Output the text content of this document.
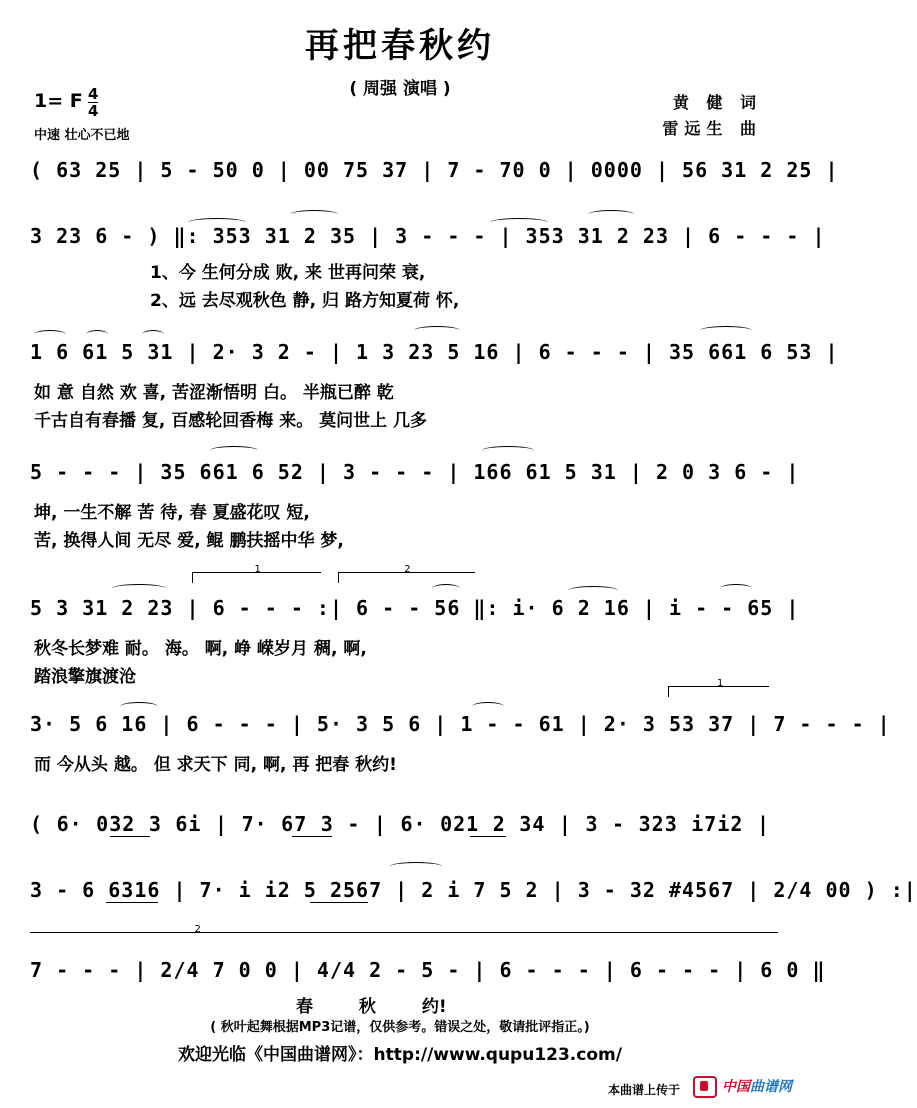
再把春秋约
( 周强 演唱 )
1= F 4
4
中速 壮心不已地
黄 健 词
雷远生 曲
( 63 25 | 5 - 50 0 | 00 75 37 | 7 - 70 0 | 0000 | 56 31 2 25 |
3 23 6 - ) ‖: 353 31 2 35 | 3 - - - | 353 31 2 23 | 6 - - - |
1、今 生何分成 败, 来 世再问荣 衰,
2、远 去尽观秋色 静, 归 路方知夏荷 怀,
1 6 61 5 31 | 2· 3 2 - | 1 3 23 5 16 | 6 - - - | 35 661 6 53 |
如 意 自然 欢 喜, 苦涩渐悟明 白。 半瓶已醉 乾
千古自有春播 复, 百感轮回香梅 来。 莫问世上 几多
5 - - - | 35 661 6 52 | 3 - - - | 166 61 5 31 | 2 0 3 6 - |
坤, 一生不解 苦 待, 春 夏盛花叹 短,
苦, 换得人间 无尽 爱, 鲲 鹏扶摇中华 梦,
1	2
5 3 31 2 23 | 6 - - - :| 6 - - 56 ‖: i· 6 2 16 | i - - 65 |
秋冬长梦难 耐。 海。 啊, 峥 嵘岁月 稠, 啊,
踏浪擎旗渡沧	1
3· 5 6 16 | 6 - - - | 5· 3 5 6 | 1 - - 61 | 2· 3 53 37 | 7 - - - |
而 今从头 越。 但 求天下 同, 啊, 再 把春 秋约!
( 6· 032 3 6i | 7· 67 3 - | 6· 021 2 34 | 3 - 323 i7i2 |
3 - 6 6316 | 7· i i2 5 2567 | 2 i 7 5 2 | 3 - 32 #4567 | 2/4 00 ) :|
2
7 - - - | 2/4 7 0 0 | 4/4 2 - 5 - | 6 - - - | 6 - - - | 6 0 ‖
春 秋 约!
( 秋叶起舞根据MP3记谱，仅供参考。错误之处，敬请批评指正。)
欢迎光临《中国曲谱网》：http://www.qupu123.com/
本曲谱上传于	中国曲谱网
